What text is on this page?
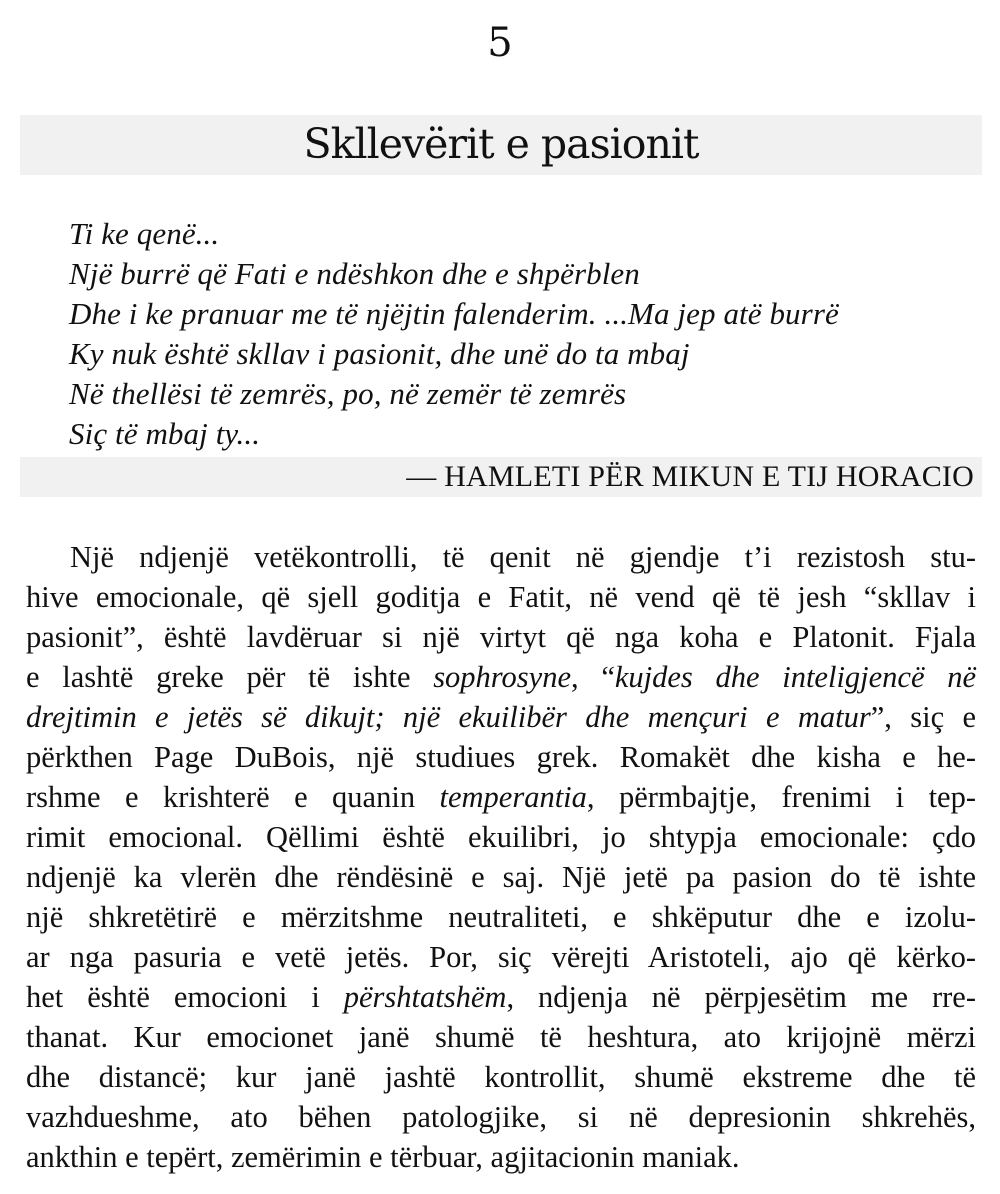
5
Skllevërit e pasionit
Ti ke qenë...
Një burrë që Fati e ndëshkon dhe e shpërblen
Dhe i ke pranuar me të njëjtin falenderim. ...Ma jep atë burrë
Ky nuk është skllav i pasionit, dhe unë do ta mbaj
Në thellësi të zemrës, po, në zemër të zemrës
Siç të mbaj ty...
— HAMLETI PËR MIKUN E TIJ HORACIO
Një ndjenjë vetëkontrolli, të qenit në gjendje t’i rezistosh stu-
hive emocionale, që sjell goditja e Fatit, në vend që të jesh “skllav i
pasionit”, është lavdëruar si një virtyt që nga koha e Platonit. Fjala
e lashtë greke për të ishte sophrosyne, “kujdes dhe inteligjencë në
drejtimin e jetës së dikujt; një ekuilibër dhe mençuri e matur”, siç e
përkthen Page DuBois, një studiues grek. Romakët dhe kisha e he-
rshme e krishterë e quanin temperantia, përmbajtje, frenimi i tep-
rimit emocional. Qëllimi është ekuilibri, jo shtypja emocionale: çdo
ndjenjë ka vlerën dhe rëndësinë e saj. Një jetë pa pasion do të ishte
një shkretëtirë e mërzitshme neutraliteti, e shkëputur dhe e izolu-
ar nga pasuria e vetë jetës. Por, siç vërejti Aristoteli, ajo që kërko-
het është emocioni i përshtatshëm, ndjenja në përpjesëtim me rre-
thanat. Kur emocionet janë shumë të heshtura, ato krijojnë mërzi
dhe distancë; kur janë jashtë kontrollit, shumë ekstreme dhe të
vazhdueshme, ato bëhen patologjike, si në depresionin shkrehës,
ankthin e tepërt, zemërimin e tërbuar, agjitacionin maniak.
